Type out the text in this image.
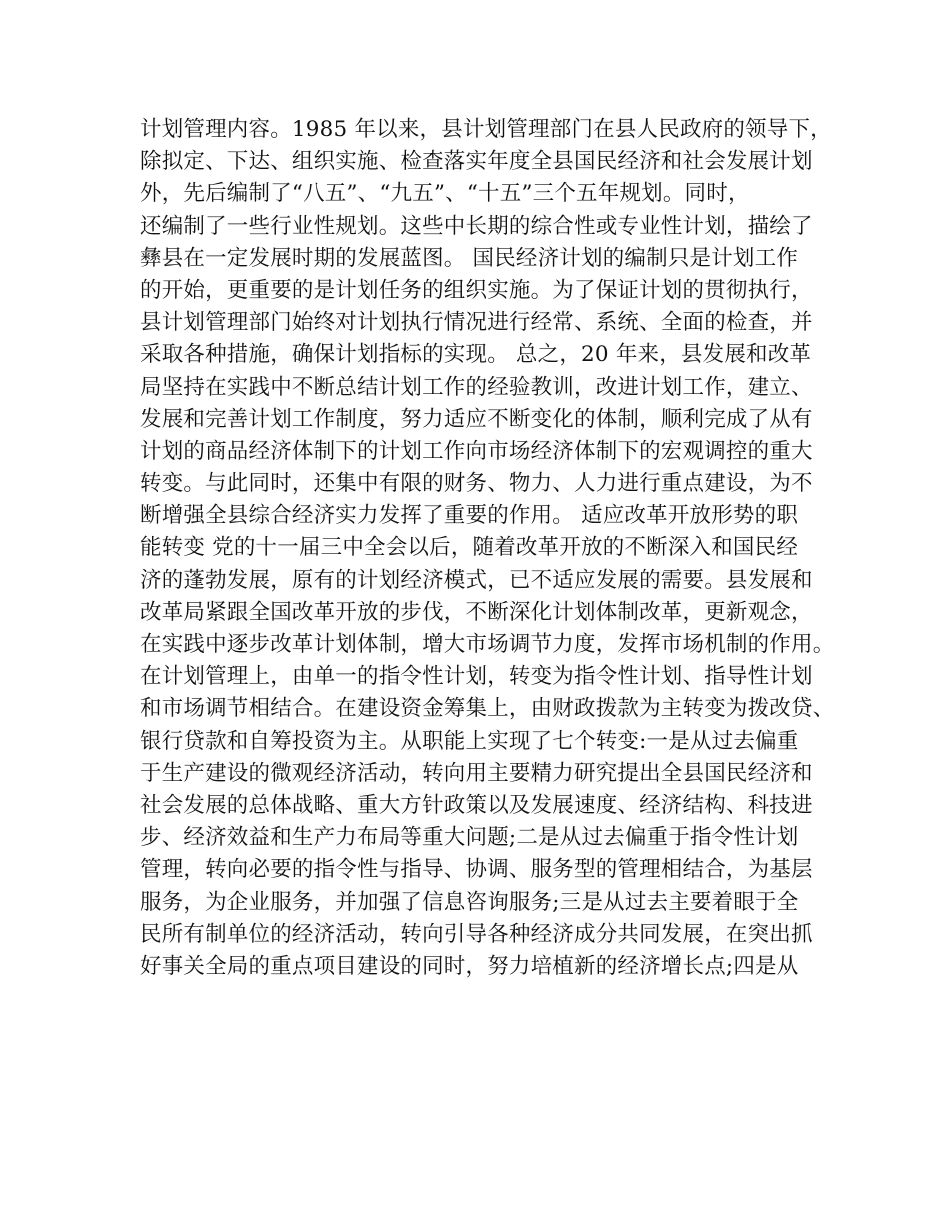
计划管理内容。1985 年以来，县计划管理部门在县人民政府的领导下，
除拟定、下达、组织实施、检查落实年度全县国民经济和社会发展计划
外，先后编制了“八五”、“九五”、“十五”三个五年规划。同时，
还编制了一些行业性规划。这些中长期的综合性或专业性计划，描绘了
彝县在一定发展时期的发展蓝图。 国民经济计划的编制只是计划工作
的开始，更重要的是计划任务的组织实施。为了保证计划的贯彻执行，
县计划管理部门始终对计划执行情况进行经常、系统、全面的检查，并
采取各种措施，确保计划指标的实现。 总之，20 年来，县发展和改革
局坚持在实践中不断总结计划工作的经验教训，改进计划工作，建立、
发展和完善计划工作制度，努力适应不断变化的体制，顺利完成了从有
计划的商品经济体制下的计划工作向市场经济体制下的宏观调控的重大
转变。与此同时，还集中有限的财务、物力、人力进行重点建设，为不
断增强全县综合经济实力发挥了重要的作用。 适应改革开放形势的职
能转变 党的十一届三中全会以后，随着改革开放的不断深入和国民经
济的蓬勃发展，原有的计划经济模式，已不适应发展的需要。县发展和
改革局紧跟全国改革开放的步伐，不断深化计划体制改革，更新观念，
在实践中逐步改革计划体制，增大市场调节力度，发挥市场机制的作用。
在计划管理上，由单一的指令性计划，转变为指令性计划、指导性计划
和市场调节相结合。在建设资金筹集上，由财政拨款为主转变为拨改贷、
银行贷款和自筹投资为主。从职能上实现了七个转变:一是从过去偏重
于生产建设的微观经济活动，转向用主要精力研究提出全县国民经济和
社会发展的总体战略、重大方针政策以及发展速度、经济结构、科技进
步、经济效益和生产力布局等重大问题;二是从过去偏重于指令性计划
管理，转向必要的指令性与指导、协调、服务型的管理相结合，为基层
服务，为企业服务，并加强了信息咨询服务;三是从过去主要着眼于全
民所有制单位的经济活动，转向引导各种经济成分共同发展，在突出抓
好事关全局的重点项目建设的同时，努力培植新的经济增长点;四是从
